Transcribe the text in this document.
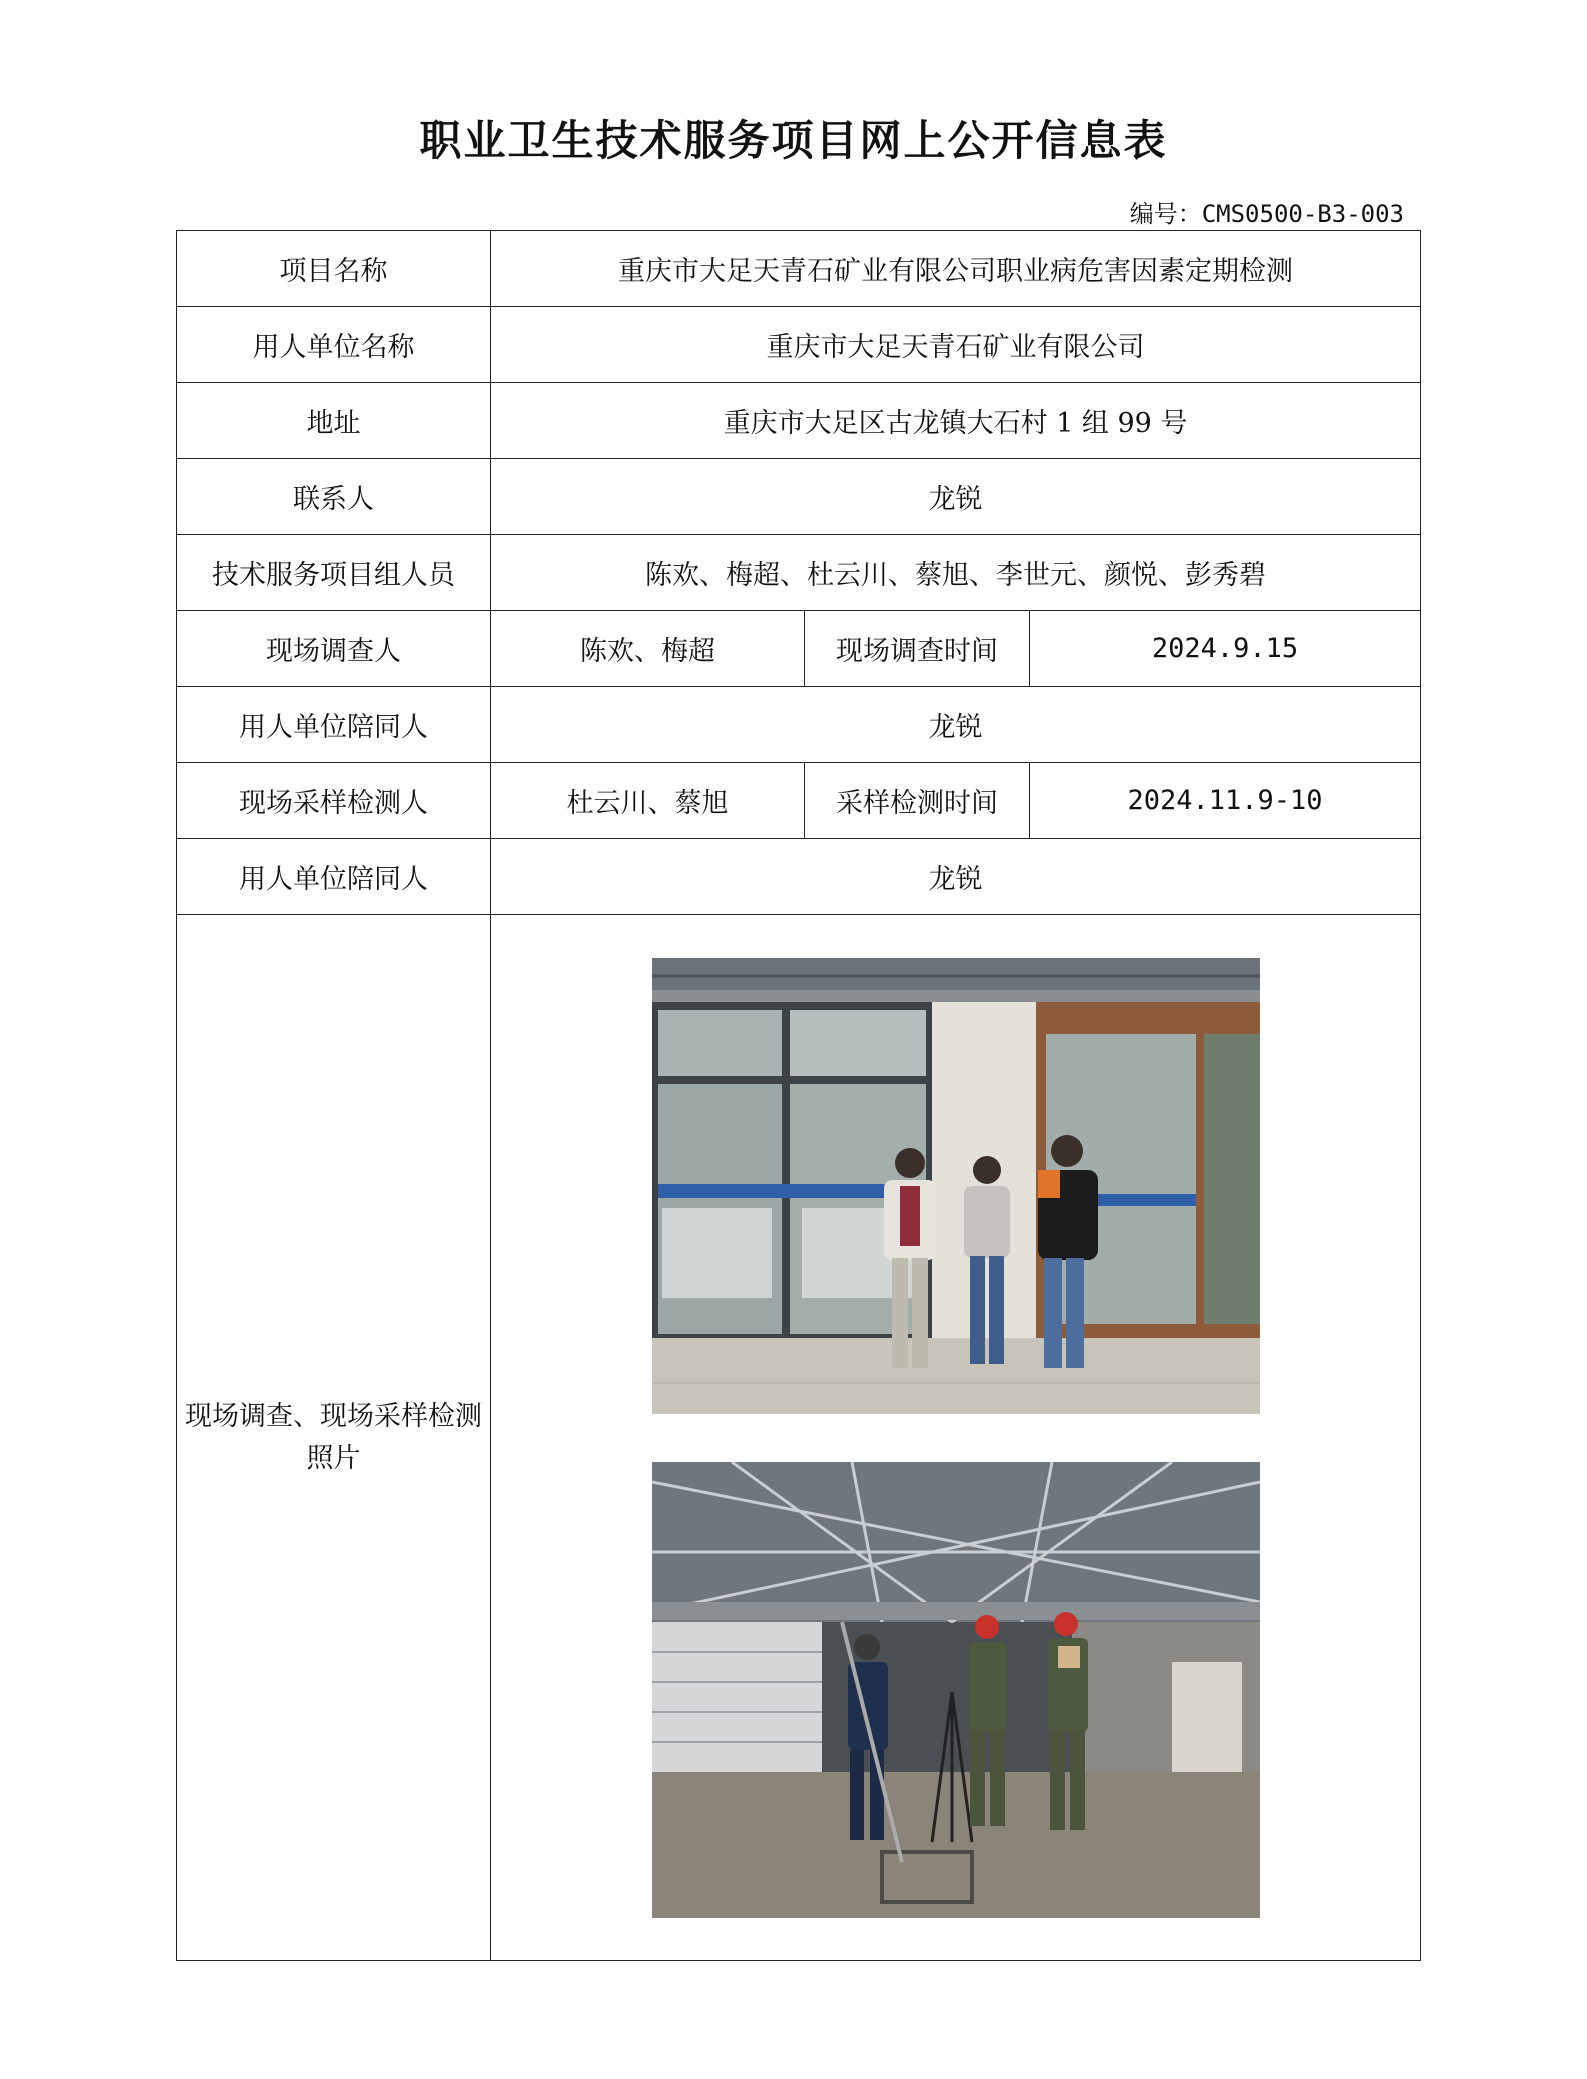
职业卫生技术服务项目网上公开信息表
编号：CMS0500-B3-003
项目名称	重庆市大足天青石矿业有限公司职业病危害因素定期检测		
用人单位名称	重庆市大足天青石矿业有限公司		
地址	重庆市大足区古龙镇大石村 1 组 99 号		
联系人	龙锐		
技术服务项目组人员	陈欢、梅超、杜云川、蔡旭、李世元、颜悦、彭秀碧		
现场调查人	陈欢、梅超	现场调查时间	2024.9.15
用人单位陪同人	龙锐		
现场采样检测人	杜云川、蔡旭	采样检测时间	2024.11.9-10
用人单位陪同人	龙锐		
现场调查、现场采样检测照片	
